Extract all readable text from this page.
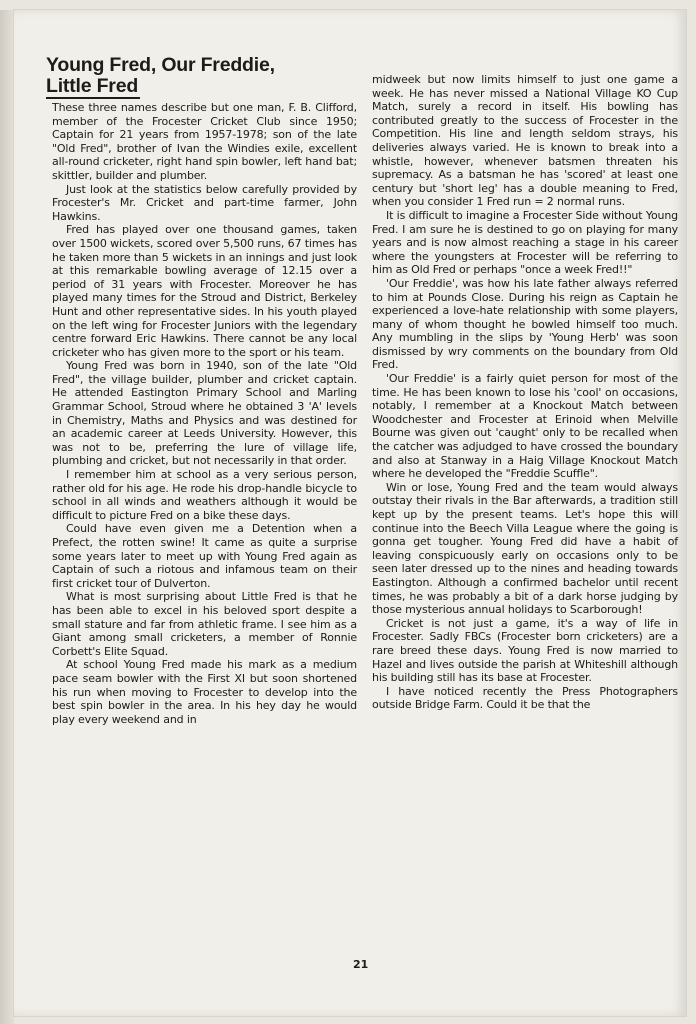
Young Fred, Our Freddie,
Little Fred

These three names describe but one man, F. B. Clifford, member of the Frocester Cricket Club since 1950; Captain for 21 years from 1957-1978; son of the late "Old Fred", brother of Ivan the Windies exile, excellent all-round cricketer, right hand spin bowler, left hand bat; skittler, builder and plumber.

Just look at the statistics below carefully provided by Frocester's Mr. Cricket and part-time farmer, John Hawkins.

Fred has played over one thousand games, taken over 1500 wickets, scored over 5,500 runs, 67 times has he taken more than 5 wickets in an innings and just look at this remarkable bowling average of 12.15 over a period of 31 years with Frocester. Moreover he has played many times for the Stroud and District, Berkeley Hunt and other representative sides. In his youth played on the left wing for Frocester Juniors with the legendary centre forward Eric Hawkins. There cannot be any local cricketer who has given more to the sport or his team.

Young Fred was born in 1940, son of the late "Old Fred", the village builder, plumber and cricket captain. He attended Eastington Primary School and Marling Grammar School, Stroud where he obtained 3 'A' levels in Chemistry, Maths and Physics and was destined for an academic career at Leeds University. However, this was not to be, preferring the lure of village life, plumbing and cricket, but not necessarily in that order.

I remember him at school as a very serious person, rather old for his age. He rode his drop-handle bicycle to school in all winds and weathers although it would be difficult to picture Fred on a bike these days.

Could have even given me a Detention when a Prefect, the rotten swine! It came as quite a surprise some years later to meet up with Young Fred again as Captain of such a riotous and infamous team on their first cricket tour of Dulverton.

What is most surprising about Little Fred is that he has been able to excel in his beloved sport despite a small stature and far from athletic frame. I see him as a Giant among small cricketers, a member of Ronnie Corbett's Elite Squad.

At school Young Fred made his mark as a medium pace seam bowler with the First XI but soon shortened his run when moving to Frocester to develop into the best spin bowler in the area. In his hey day he would play every weekend and in

midweek but now limits himself to just one game a week. He has never missed a National Village KO Cup Match, surely a record in itself. His bowling has contributed greatly to the success of Frocester in the Competition. His line and length seldom strays, his deliveries always varied. He is known to break into a whistle, however, whenever batsmen threaten his supremacy. As a batsman he has 'scored' at least one century but 'short leg' has a double meaning to Fred, when you consider 1 Fred run = 2 normal runs.

It is difficult to imagine a Frocester Side without Young Fred. I am sure he is destined to go on playing for many years and is now almost reaching a stage in his career where the youngsters at Frocester will be referring to him as Old Fred or perhaps "once a week Fred!!"

'Our Freddie', was how his late father always referred to him at Pounds Close. During his reign as Captain he experienced a love-hate relationship with some players, many of whom thought he bowled himself too much. Any mumbling in the slips by 'Young Herb' was soon dismissed by wry comments on the boundary from Old Fred.

'Our Freddie' is a fairly quiet person for most of the time. He has been known to lose his 'cool' on occasions, notably, I remember at a Knockout Match between Woodchester and Frocester at Erinoid when Melville Bourne was given out 'caught' only to be recalled when the catcher was adjudged to have crossed the boundary and also at Stanway in a Haig Village Knockout Match where he developed the "Freddie Scuffle".

Win or lose, Young Fred and the team would always outstay their rivals in the Bar afterwards, a tradition still kept up by the present teams. Let's hope this will continue into the Beech Villa League where the going is gonna get tougher. Young Fred did have a habit of leaving conspicuously early on occasions only to be seen later dressed up to the nines and heading towards Eastington. Although a confirmed bachelor until recent times, he was probably a bit of a dark horse judging by those mysterious annual holidays to Scarborough!

Cricket is not just a game, it's a way of life in Frocester. Sadly FBCs (Frocester born cricketers) are a rare breed these days. Young Fred is now married to Hazel and lives outside the parish at Whiteshill although his building still has its base at Frocester.

I have noticed recently the Press Photographers outside Bridge Farm. Could it be that the

21
